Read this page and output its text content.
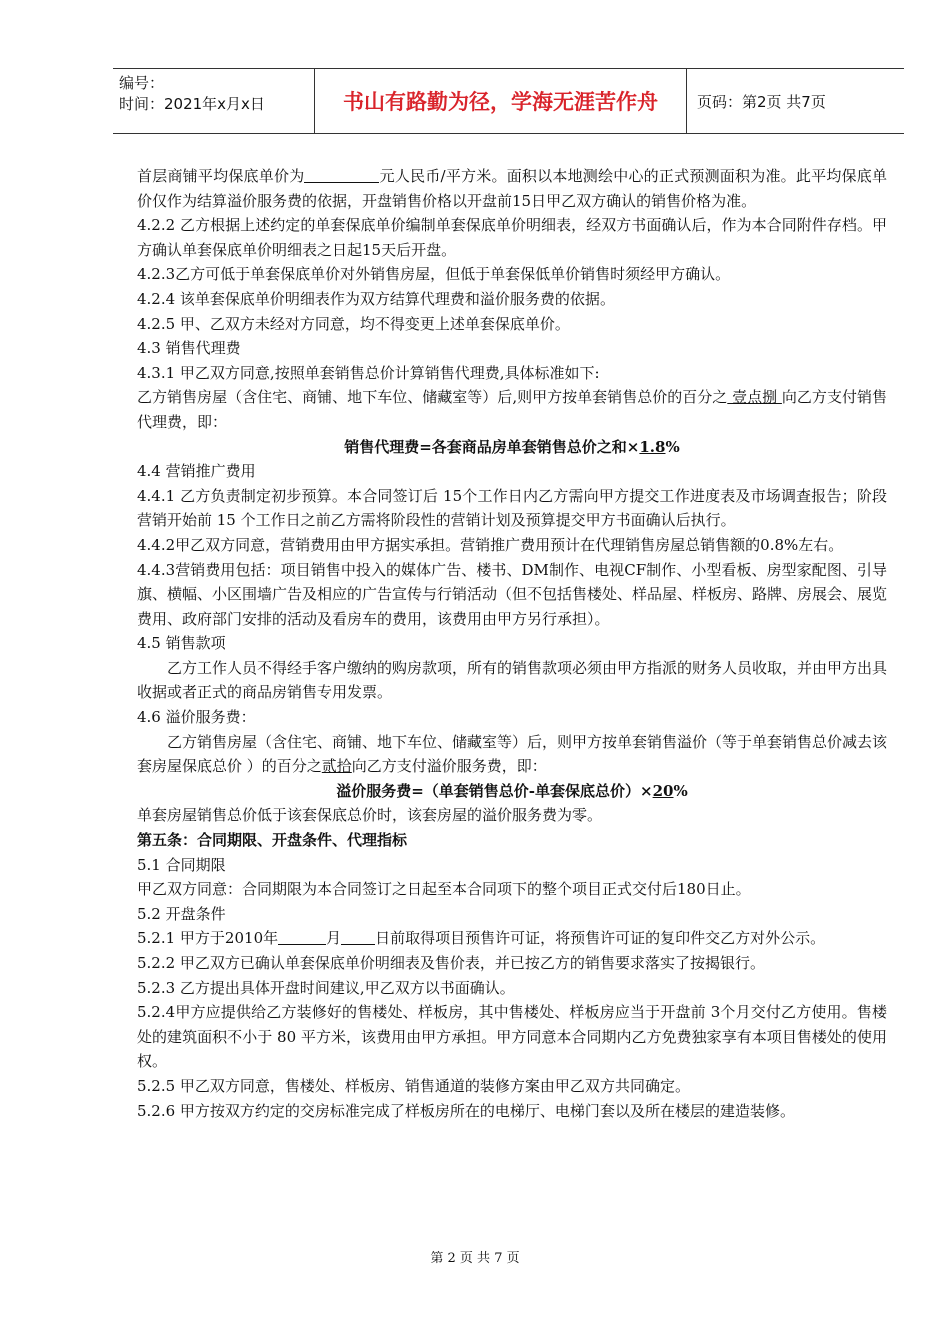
编号：
时间：2021年x月x日	书山有路勤为径，学海无涯苦作舟	页码：第2页 共7页

首层商铺平均保底单价为	元人民币/平方米。面积以本地测绘中心的正式预测面积为准。此平均保底单价仅作为结算溢价服务费的依据，开盘销售价格以开盘前15日甲乙双方确认的销售价格为准。

4.2.2 乙方根据上述约定的单套保底单价编制单套保底单价明细表，经双方书面确认后，作为本合同附件存档。甲方确认单套保底单价明细表之日起15天后开盘。

4.2.3乙方可低于单套保底单价对外销售房屋，但低于单套保低单价销售时须经甲方确认。

4.2.4 该单套保底单价明细表作为双方结算代理费和溢价服务费的依据。

4.2.5 甲、乙双方未经对方同意，均不得变更上述单套保底单价。

4.3 销售代理费

4.3.1 甲乙双方同意,按照单套销售总价计算销售代理费,具体标准如下:

乙方销售房屋（含住宅、商铺、地下车位、储藏室等）后,则甲方按单套销售总价的百分之 壹点捌 向乙方支付销售代理费，即：

销售代理费=各套商品房单套销售总价之和×1.8%

4.4 营销推广费用

4.4.1 乙方负责制定初步预算。本合同签订后 15个工作日内乙方需向甲方提交工作进度表及市场调查报告；阶段营销开始前 15 个工作日之前乙方需将阶段性的营销计划及预算提交甲方书面确认后执行。

4.4.2甲乙双方同意，营销费用由甲方据实承担。营销推广费用预计在代理销售房屋总销售额的0.8%左右。

4.4.3营销费用包括：项目销售中投入的媒体广告、楼书、DM制作、电视CF制作、小型看板、房型家配图、引导旗、横幅、小区围墙广告及相应的广告宣传与行销活动（但不包括售楼处、样品屋、样板房、路牌、房展会、展览费用、政府部门安排的活动及看房车的费用，该费用由甲方另行承担）。

4.5 销售款项

乙方工作人员不得经手客户缴纳的购房款项，所有的销售款项必须由甲方指派的财务人员收取，并由甲方出具收据或者正式的商品房销售专用发票。

4.6 溢价服务费：

乙方销售房屋（含住宅、商铺、地下车位、储藏室等）后，则甲方按单套销售溢价（等于单套销售总价减去该套房屋保底总价 ）的百分之贰拾向乙方支付溢价服务费，即：

溢价服务费=（单套销售总价-单套保底总价）×20%

单套房屋销售总价低于该套保底总价时，该套房屋的溢价服务费为零。

第五条：合同期限、开盘条件、代理指标

5.1 合同期限

甲乙双方同意：合同期限为本合同签订之日起至本合同项下的整个项目正式交付后180日止。

5.2 开盘条件

5.2.1 甲方于2010年	月 日前取得项目预售许可证，将预售许可证的复印件交乙方对外公示。

5.2.2 甲乙双方已确认单套保底单价明细表及售价表，并已按乙方的销售要求落实了按揭银行。

5.2.3 乙方提出具体开盘时间建议,甲乙双方以书面确认。

5.2.4甲方应提供给乙方装修好的售楼处、样板房，其中售楼处、样板房应当于开盘前 3个月交付乙方使用。售楼处的建筑面积不小于 80 平方米，该费用由甲方承担。甲方同意本合同期内乙方免费独家享有本项目售楼处的使用权。

5.2.5 甲乙双方同意，售楼处、样板房、销售通道的装修方案由甲乙双方共同确定。

5.2.6 甲方按双方约定的交房标准完成了样板房所在的电梯厅、电梯门套以及所在楼层的建造装修。

第 2 页 共 7 页
